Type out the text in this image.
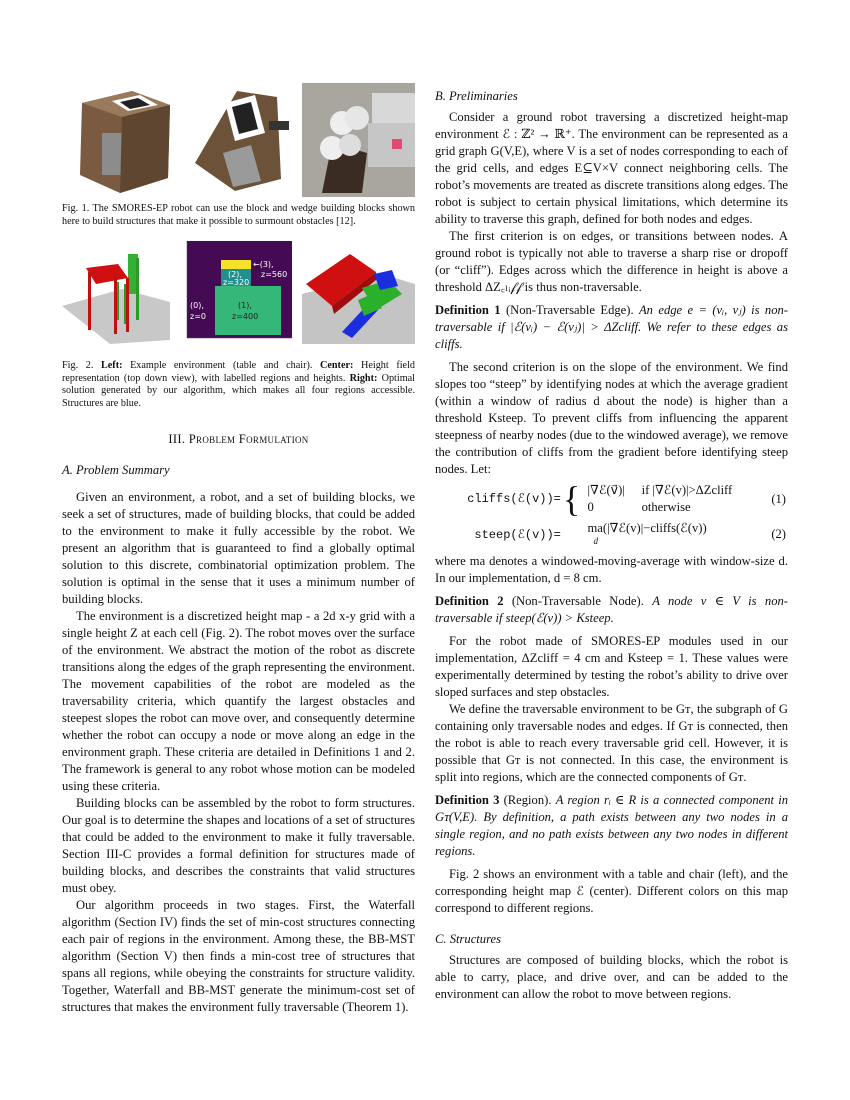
Fig. 1. The SMORES-EP robot can use the block and wedge building blocks shown here to build structures that make it possible to surmount obstacles [12].
←(3),
z=560
(2),
z=320
(0),
z=0
(1),
z=400
Fig. 2. Left: Example environment (table and chair). Center: Height field representation (top down view), with labelled regions and heights. Right: Optimal solution generated by our algorithm, which makes all four regions accessible. Structures are blue.
III. Problem Formulation
A. Problem Summary
Given an environment, a robot, and a set of building blocks, we seek a set of structures, made of building blocks, that could be added to the environment to make it fully accessible by the robot. We present an algorithm that is guaranteed to find a globally optimal solution to this discrete, combinatorial optimization problem. The solution is optimal in the sense that it uses a minimum number of building blocks.
The environment is a discretized height map - a 2d x-y grid with a single height Z at each cell (Fig. 2). The robot moves over the surface of the environment. We abstract the motion of the robot as discrete transitions along the edges of the graph representing the environment. The movement capabilities of the robot are modeled as the traversability criteria, which quantify the largest obstacles and steepest slopes the robot can move over, and consequently determine whether the robot can occupy a node or move along an edge in the environment graph. These criteria are detailed in Definitions 1 and 2. The framework is general to any robot whose motion can be modeled using these criteria.
Building blocks can be assembled by the robot to form structures. Our goal is to determine the shapes and locations of a set of structures that could be added to the environment to make it fully traversable. Section III-C provides a formal definition for structures made of building blocks, and describes the constraints that valid structures must obey.
Our algorithm proceeds in two stages. First, the Waterfall algorithm (Section IV) finds the set of min-cost structures connecting each pair of regions in the environment. Among these, the BB-MST algorithm (Section V) then finds a min-cost tree of structures that spans all regions, while obeying the constraints for structure validity. Together, Waterfall and BB-MST generate the minimum-cost set of structures that makes the environment fully traversable (Theorem 1).
B. Preliminaries
Consider a ground robot traversing a discretized height-map environment ℰ : ℤ² → ℝ⁺. The environment can be represented as a grid graph G(V,E), where V is a set of nodes corresponding to each of the grid cells, and edges E⊆V×V connect neighboring cells. The robot’s movements are treated as discrete transitions along edges. The robot is subject to certain physical limitations, which determine its ability to traverse this graph, defined for both nodes and edges.
The first criterion is on edges, or transitions between nodes. A ground robot is typically not able to traverse a sharp rise or dropoff (or “cliff”). Edges across which the difference in height is above a threshold ΔZ꜀ₗᵢ𝒻𝒻 is thus non-traversable.
Definition 1 (Non-Traversable Edge). An edge e = (vᵢ, vⱼ) is non-traversable if |ℰ(vᵢ) − ℰ(vⱼ)| > ΔZcliff. We refer to these edges as cliffs.
The second criterion is on the slope of the environment. We find slopes too “steep” by identifying nodes at which the average gradient (within a window of radius d about the node) is higher than a threshold Ksteep. To prevent cliffs from influencing the apparent steepness of nearby nodes (due to the windowed average), we remove the contribution of cliffs from the gradient before identifying steep nodes. Let:
cliffs(ℰ(v))=	{	|∇ℰ(v⃗)|	if |∇ℰ(v)|>ΔZcliff	(1)
		0	otherwise	
steep(ℰ(v))=		ma(|∇ℰ(v)|−cliffs(ℰ(v))
d		(2)
where ma denotes a windowed-moving-average with window-size d. In our implementation, d = 8 cm.
Definition 2 (Non-Traversable Node). A node v ∈ V is non-traversable if steep(ℰ(v)) > Ksteep.
For the robot made of SMORES-EP modules used in our implementation, ΔZcliff = 4 cm and Ksteep = 1. These values were experimentally determined by testing the robot’s ability to drive over sloped surfaces and step obstacles.
We define the traversable environment to be Gᴛ, the subgraph of G containing only traversable nodes and edges. If Gᴛ is connected, then the robot is able to reach every traversable grid cell. However, it is possible that Gᴛ is not connected. In this case, the environment is split into regions, which are the connected components of Gᴛ.
Definition 3 (Region). A region rᵢ ∈ R is a connected component in Gᴛ(V,E). By definition, a path exists between any two nodes in a single region, and no path exists between any two nodes in different regions.
Fig. 2 shows an environment with a table and chair (left), and the corresponding height map ℰ (center). Different colors on this map correspond to different regions.
C. Structures
Structures are composed of building blocks, which the robot is able to carry, place, and drive over, and can be added to the environment can allow the robot to move between regions.
